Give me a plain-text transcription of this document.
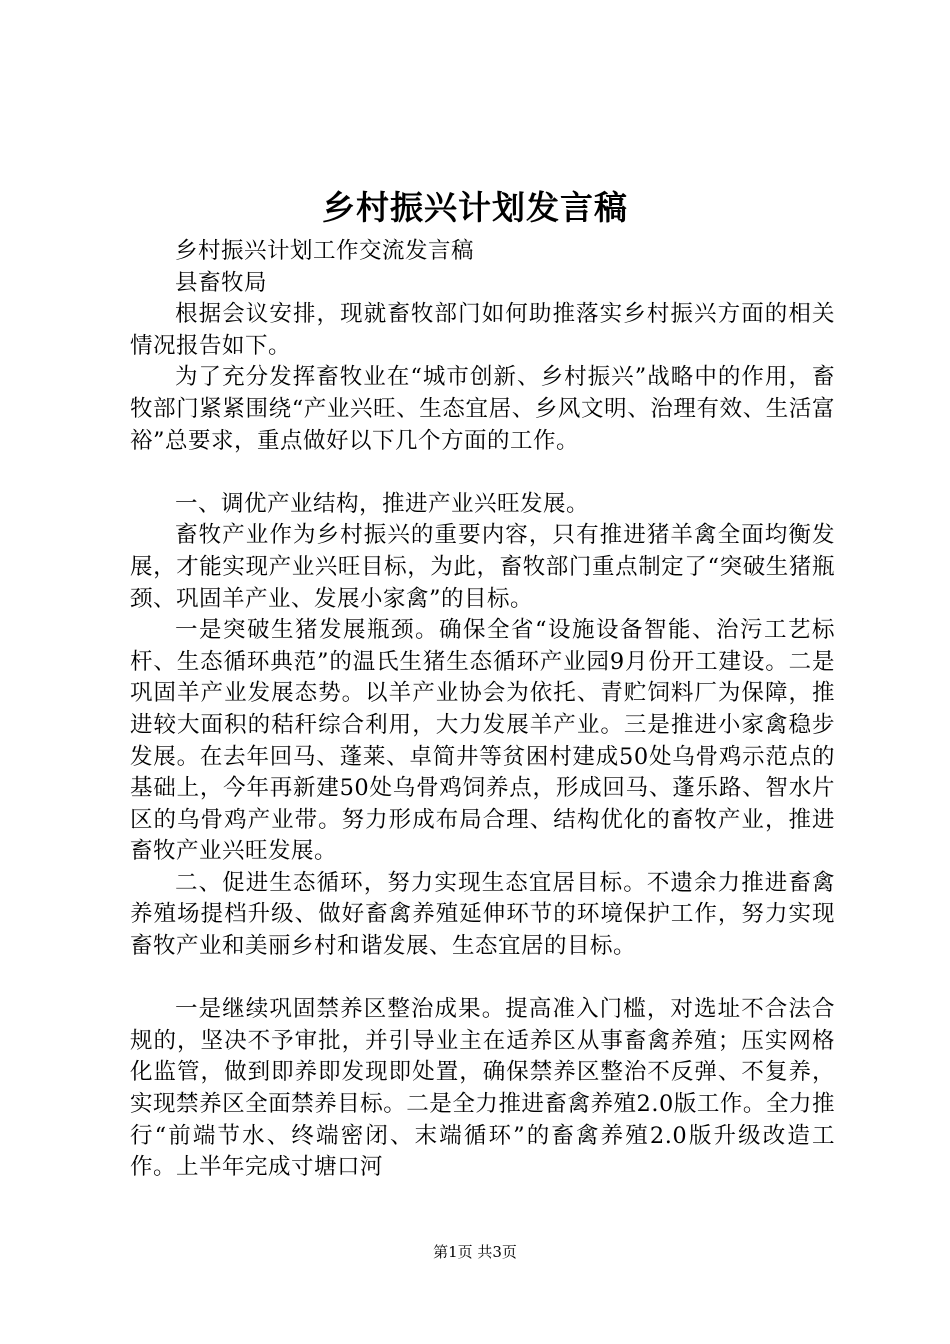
乡村振兴计划发言稿

乡村振兴计划工作交流发言稿

县畜牧局

根据会议安排，现就畜牧部门如何助推落实乡村振兴方面的相关情况报告如下。

为了充分发挥畜牧业在“城市创新、乡村振兴”战略中的作用，畜牧部门紧紧围绕“产业兴旺、生态宜居、乡风文明、治理有效、生活富裕”总要求，重点做好以下几个方面的工作。

一、调优产业结构，推进产业兴旺发展。

畜牧产业作为乡村振兴的重要内容，只有推进猪羊禽全面均衡发展，才能实现产业兴旺目标，为此，畜牧部门重点制定了“突破生猪瓶颈、巩固羊产业、发展小家禽”的目标。

一是突破生猪发展瓶颈。确保全省“设施设备智能、治污工艺标杆、生态循环典范”的温氏生猪生态循环产业园9月份开工建设。二是巩固羊产业发展态势。以羊产业协会为依托、青贮饲料厂为保障，推进较大面积的秸秆综合利用，大力发展羊产业。三是推进小家禽稳步发展。在去年回马、蓬莱、卓简井等贫困村建成50处乌骨鸡示范点的基础上，今年再新建50处乌骨鸡饲养点，形成回马、蓬乐路、智水片区的乌骨鸡产业带。努力形成布局合理、结构优化的畜牧产业，推进畜牧产业兴旺发展。

二、促进生态循环，努力实现生态宜居目标。不遗余力推进畜禽养殖场提档升级、做好畜禽养殖延伸环节的环境保护工作，努力实现畜牧产业和美丽乡村和谐发展、生态宜居的目标。

一是继续巩固禁养区整治成果。提高准入门槛，对选址不合法合规的，坚决不予审批，并引导业主在适养区从事畜禽养殖；压实网格化监管，做到即养即发现即处置，确保禁养区整治不反弹、不复养，实现禁养区全面禁养目标。二是全力推进畜禽养殖2.0版工作。全力推行“前端节水、终端密闭、末端循环”的畜禽养殖2.0版升级改造工作。上半年完成寸塘口河

第1页 共3页
